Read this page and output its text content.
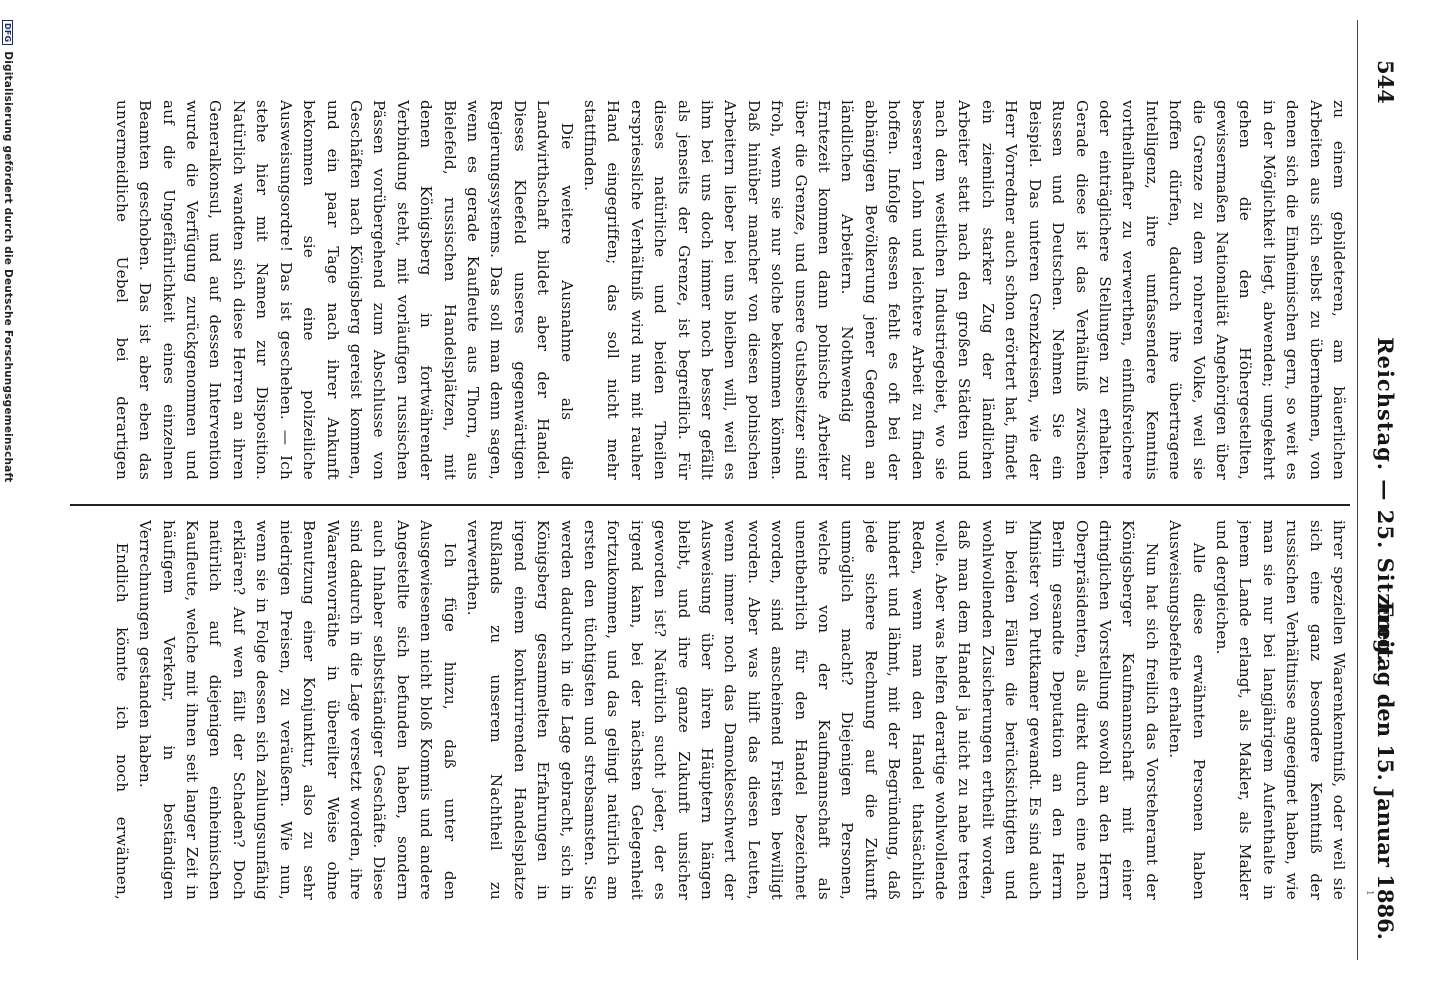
544
Reichstag. — 25. Sitzung.
Freitag den 15. Januar 1886.
1

zu einem gebildeteren, am bäuerlichen Arbeiten aus sich selbst zu übernehmen, von denen sich die Einheimischen gern, so weit es in der Möglichkeit liegt, abwenden; umgekehrt gehen die den Höhergestellten, gewissermaßen Nationalität Angehörigen über die Grenze zu dem rohreren Volke, weil sie hoffen dürfen, dadurch ihre übertragene Intelligenz, ihre umfassendere Kenntnis vortheilhafter zu verwerthen, einflußreichere oder einträglichere Stellungen zu erhalten. Gerade diese ist das Verhältniß zwischen Russen und Deutschen. Nehmen Sie ein Beispiel. Das unteren Grenzkreisen, wie der Herr Vorredner auch schon erörtert hat, findet ein ziemlich starker Zug der ländlichen Arbeiter statt nach den großen Städten und nach dem westlichen Industriegebiet, wo sie besseren Lohn und leichtere Arbeit zu finden hoffen. Infolge dessen fehlt es oft bei der abhängigen Bevölkerung jener Gegenden an ländlichen Arbeitern. Nothwendig zur Erntezeit kommen dann polnische Arbeiter über die Grenze, und unsere Gutsbesitzer sind froh, wenn sie nur solche bekommen können. Daß hinüber mancher von diesen polnischen Arbeitern lieber bei uns bleiben will, weil es ihm bei uns doch immer noch besser gefällt als jenseits der Grenze, ist begreiflich. Für dieses natürliche und beiden Theilen erspriessliche Verhältniß wird nun mit rauher Hand eingegriffen; das soll nicht mehr stattfinden.

Die weitere Ausnahme als die Landwirthschaft bildet aber der Handel. Dieses Kleefeld unseres gegenwärtigen Regierungssystems. Das soll man denn sagen, wenn es gerade Kaufleute aus Thorn, aus Bielefeld, russischen Handelsplätzen, mit denen Königsberg in fortwährender Verbindung steht, mit vorläufigen russischen Pässen vorübergehend zum Abschlusse von Geschäften nach Königsberg gereist kommen, und ein paar Tage nach ihrer Ankunft bekommen sie eine polizeiliche Ausweisungsordre! Das ist geschehen. — Ich stehe hier mit Namen zur Disposition. Natürlich wandten sich diese Herren an ihren Generalkonsul, und auf dessen Intervention wurde die Verfügung zurückgenommen und auf die Ungefährlichkeit eines einzelnen Beamten geschoben. Das ist aber eben das unvermeidliche Uebel bei derartigen

ihrer speziellen Waarenkenntniß, oder weil sie sich eine ganz besondere Kenntniß der russischen Verhältnisse angeeignet haben, wie man sie nur bei langjährigem Aufenthalte in jenem Lande erlangt, als Makler, als Makler und dergleichen.

Alle diese erwähnten Personen haben Ausweisungsbefehle erhalten.

Nun hat sich freilich das Vorsteheramt der Königsberger Kaufmannschaft mit einer dringlichen Vorstellung sowohl an den Herrn Oberpräsidenten, als direkt durch eine nach Berlin gesandte Deputation an den Herrn Minister von Puttkamer gewandt. Es sind auch in beiden Fällen die berücksichtigten und wohlwollenden Zusicherungen ertheilt worden, daß man dem Handel ja nicht zu nahe treten wolle. Aber was helfen derartige wohlwollende Reden, wenn man den Handel thatsächlich hindert und lähmt, mit der Begründung, daß jede sichere Rechnung auf die Zukunft unmöglich macht? Diejenigen Personen, welche von der Kaufmannschaft als unentbehrlich für den Handel bezeichnet worden, sind anscheinend Fristen bewilligt worden. Aber was hilft das diesen Leuten, wenn immer noch das Damoklesschwert der Ausweisung über ihren Häuptern hängen bleibt, und ihre ganze Zukunft unsicher geworden ist? Natürlich sucht jeder, der es irgend kann, bei der nächsten Gelegenheit fortzukommen, und das gelingt natürlich am ersten den tüchtigsten und strebsamsten. Sie werden dadurch in die Lage gebracht, sich in Königsberg gesammelten Erfahrungen in irgend einem konkurrirenden Handelsplatze Rußlands zu unserem Nachtheil zu verwerthen.

Ich füge hinzu, daß unter den Ausgewiesenen nicht bloß Kommis und andere Angestellte sich befunden haben, sondern auch Inhaber selbstständiger Geschäfte. Diese sind dadurch in die Lage versetzt worden, ihre Waarenvorräthe in übereilter Weise ohne Benutzung einer Konjunktur, also zu sehr niedrigen Preisen, zu veräußern. Wie nun, wenn sie in Folge dessen sich zahlungsunfähig erklären? Auf wen fällt der Schaden? Doch natürlich auf diejenigen einheimischen Kaufleute, welche mit ihnen seit langer Zeit in häufigem Verkehr, in beständigen Verrechnungen gestanden haben.

Endlich könnte ich noch erwähnen,

DFGDigitalisierung gefördert durch die Deutsche Forschungsgemeinschaft
